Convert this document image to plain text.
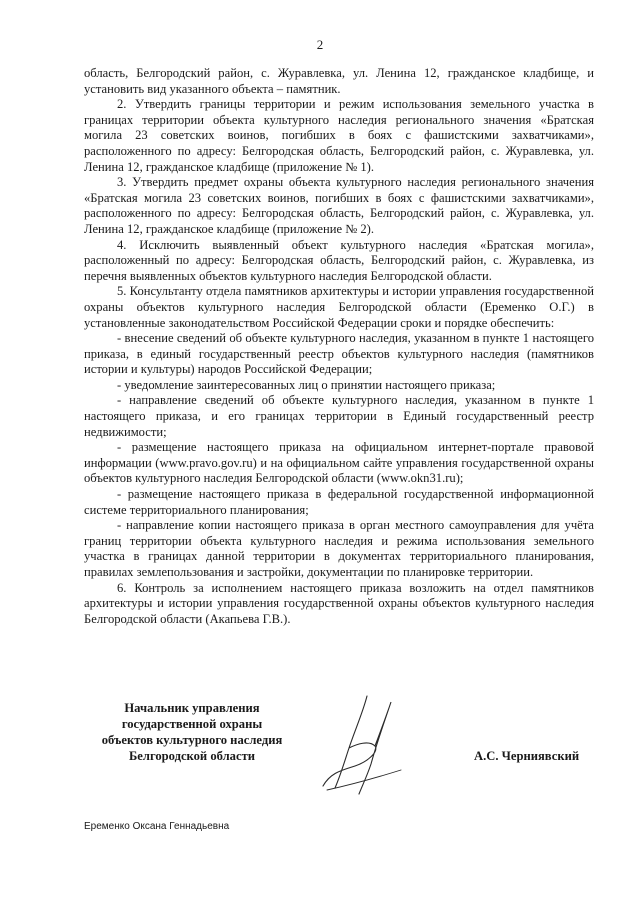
2

область, Белгородский район, с. Журавлевка, ул. Ленина 12, гражданское кладбище, и установить вид указанного объекта – памятник.

2. Утвердить границы территории и режим использования земельного участка в границах территории объекта культурного наследия регионального значения «Братская могила 23 советских воинов, погибших в боях с фашистскими захватчиками», расположенного по адресу: Белгородская область, Белгородский район, с. Журавлевка, ул. Ленина 12, гражданское кладбище (приложение № 1).

3. Утвердить предмет охраны объекта культурного наследия регионального значения «Братская могила 23 советских воинов, погибших в боях с фашистскими захватчиками», расположенного по адресу: Белгородская область, Белгородский район, с. Журавлевка, ул. Ленина 12, гражданское кладбище (приложение № 2).

4. Исключить выявленный объект культурного наследия «Братская могила», расположенный по адресу: Белгородская область, Белгородский район, с. Журавлевка, из перечня выявленных объектов культурного наследия Белгородской области.

5. Консультанту отдела памятников архитектуры и истории управления государственной охраны объектов культурного наследия Белгородской области (Еременко О.Г.) в установленные законодательством Российской Федерации сроки и порядке обеспечить:

- внесение сведений об объекте культурного наследия, указанном в пункте 1 настоящего приказа, в единый государственный реестр объектов культурного наследия (памятников истории и культуры) народов Российской Федерации;

- уведомление заинтересованных лиц о принятии настоящего приказа;

- направление сведений об объекте культурного наследия, указанном в пункте 1 настоящего приказа, и его границах территории в Единый государственный реестр недвижимости;

- размещение настоящего приказа на официальном интернет-портале правовой информации (www.pravo.gov.ru) и на официальном сайте управления государственной охраны объектов культурного наследия Белгородской области (www.okn31.ru);

- размещение настоящего приказа в федеральной государственной информационной системе территориального планирования;

- направление копии настоящего приказа в орган местного самоуправления для учёта границ территории объекта культурного наследия и режима использования земельного участка в границах данной территории в документах территориального планирования, правилах землепользования и застройки, документации по планировке территории.

6. Контроль за исполнением настоящего приказа возложить на отдел памятников архитектуры и истории управления государственной охраны объектов культурного наследия Белгородской области (Акапьева Г.В.).

Начальник управления
государственной охраны
объектов культурного наследия
Белгородской области	А.С. Черниявский
Еременко Оксана Геннадьевна
